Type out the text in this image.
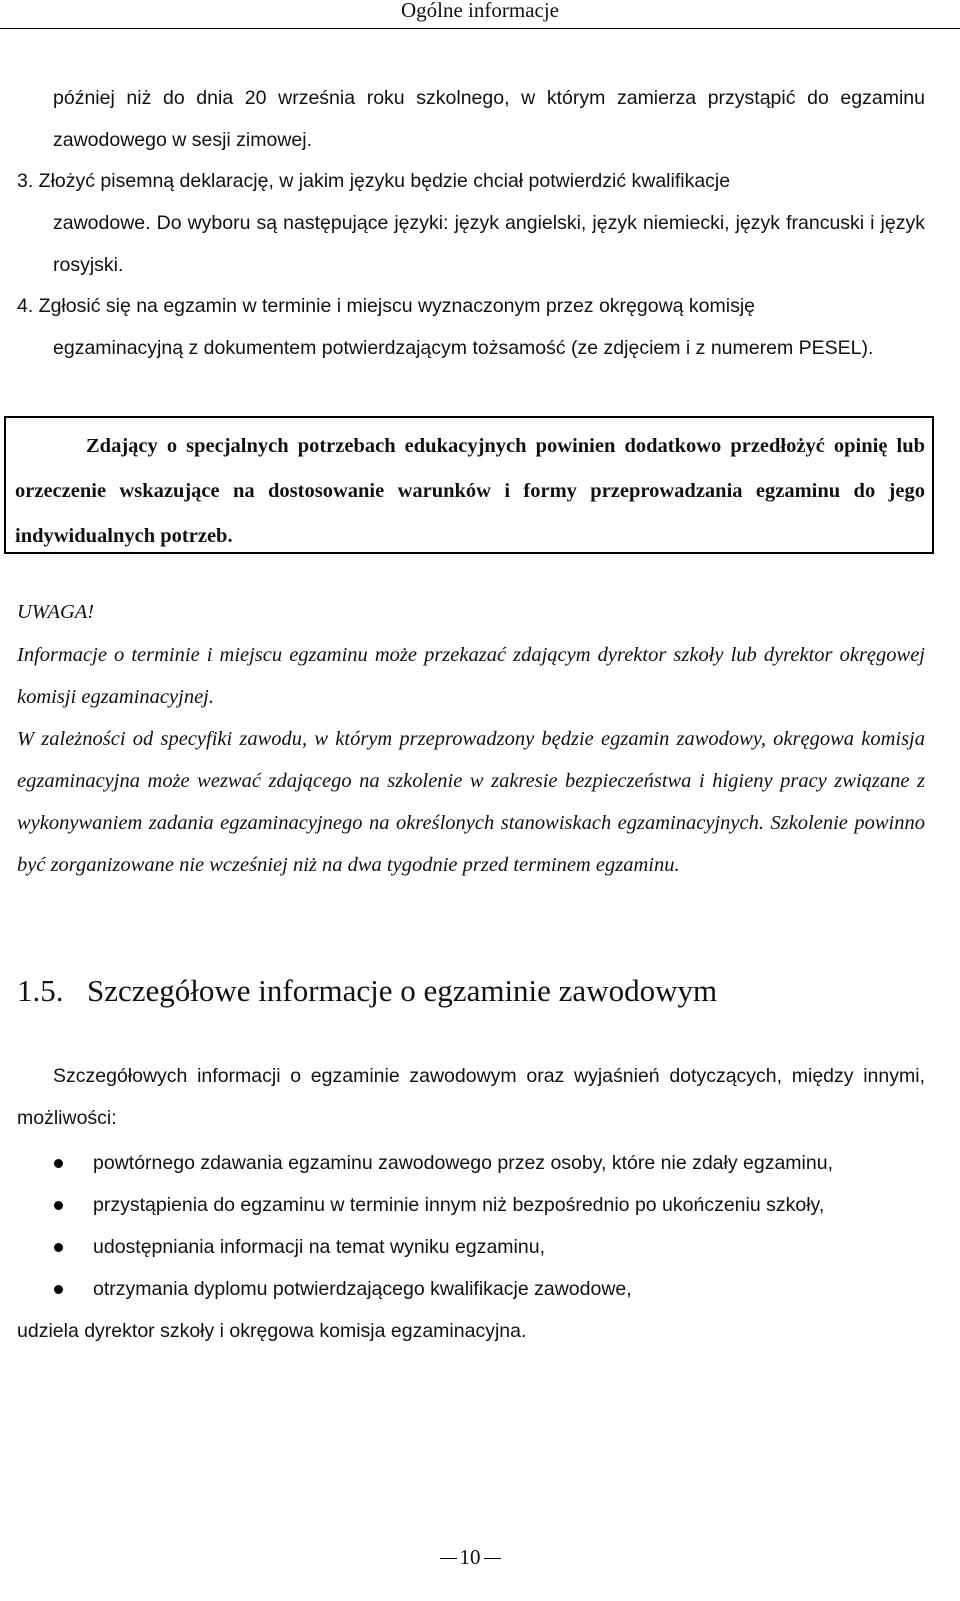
Ogólne informacje

później niż do dnia 20 września roku szkolnego, w którym zamierza przystąpić do egzaminu zawodowego w sesji zimowej.

3. Złożyć pisemną deklarację, w jakim języku będzie chciał potwierdzić kwalifikacje
zawodowe. Do wyboru są następujące języki: język angielski, język niemiecki, język francuski i język rosyjski.
4. Zgłosić się na egzamin w terminie i miejscu wyznaczonym przez okręgową komisję
egzaminacyjną z dokumentem potwierdzającym tożsamość (ze zdjęciem i z numerem PESEL).
Zdający o specjalnych potrzebach edukacyjnych powinien dodatkowo przedłożyć opinię lub orzeczenie wskazujące na dostosowanie warunków i formy przeprowadzania egzaminu do jego indywidualnych potrzeb.
UWAGA!

Informacje o terminie i miejscu egzaminu może przekazać zdającym dyrektor szkoły lub dyrektor okręgowej komisji egzaminacyjnej.

W zależności od specyfiki zawodu, w którym przeprowadzony będzie egzamin zawodowy, okręgowa komisja egzaminacyjna może wezwać zdającego na szkolenie w zakresie bezpieczeństwa i higieny pracy związane z wykonywaniem zadania egzaminacyjnego na określonych stanowiskach egzaminacyjnych. Szkolenie powinno być zorganizowane nie wcześniej niż na dwa tygodnie przed terminem egzaminu.

1.5. Szczegółowe informacje o egzaminie zawodowym

Szczegółowych informacji o egzaminie zawodowym oraz wyjaśnień dotyczących, między innymi, możliwości:

powtórnego zdawania egzaminu zawodowego przez osoby, które nie zdały egzaminu,
przystąpienia do egzaminu w terminie innym niż bezpośrednio po ukończeniu szkoły,
udostępniania informacji na temat wyniku egzaminu,
otrzymania dyplomu potwierdzającego kwalifikacje zawodowe,
udziela dyrektor szkoły i okręgowa komisja egzaminacyjna.
10
